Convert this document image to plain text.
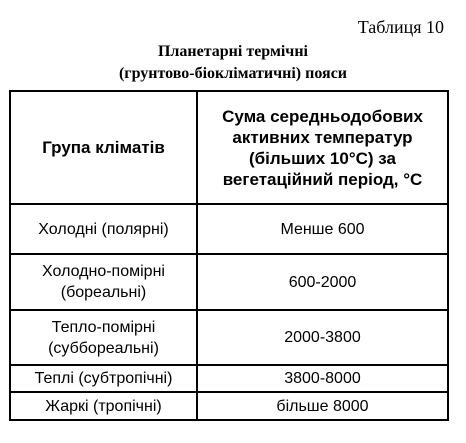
Таблиця 10
Планетарні термічні
(грунтово-біокліматичні) пояси
Група кліматів	Сума середньодобових
активних температур
(більших 10°С) за
вегетаційний період, °С

Холодні (полярні)	Менше 600

Холодно-помірні
(бореальні)	600-2000

Тепло-помірні
(суббореальні)	2000-3800

Теплі (субтропічні)	3800-8000

Жаркі (тропічні)	більше 8000
